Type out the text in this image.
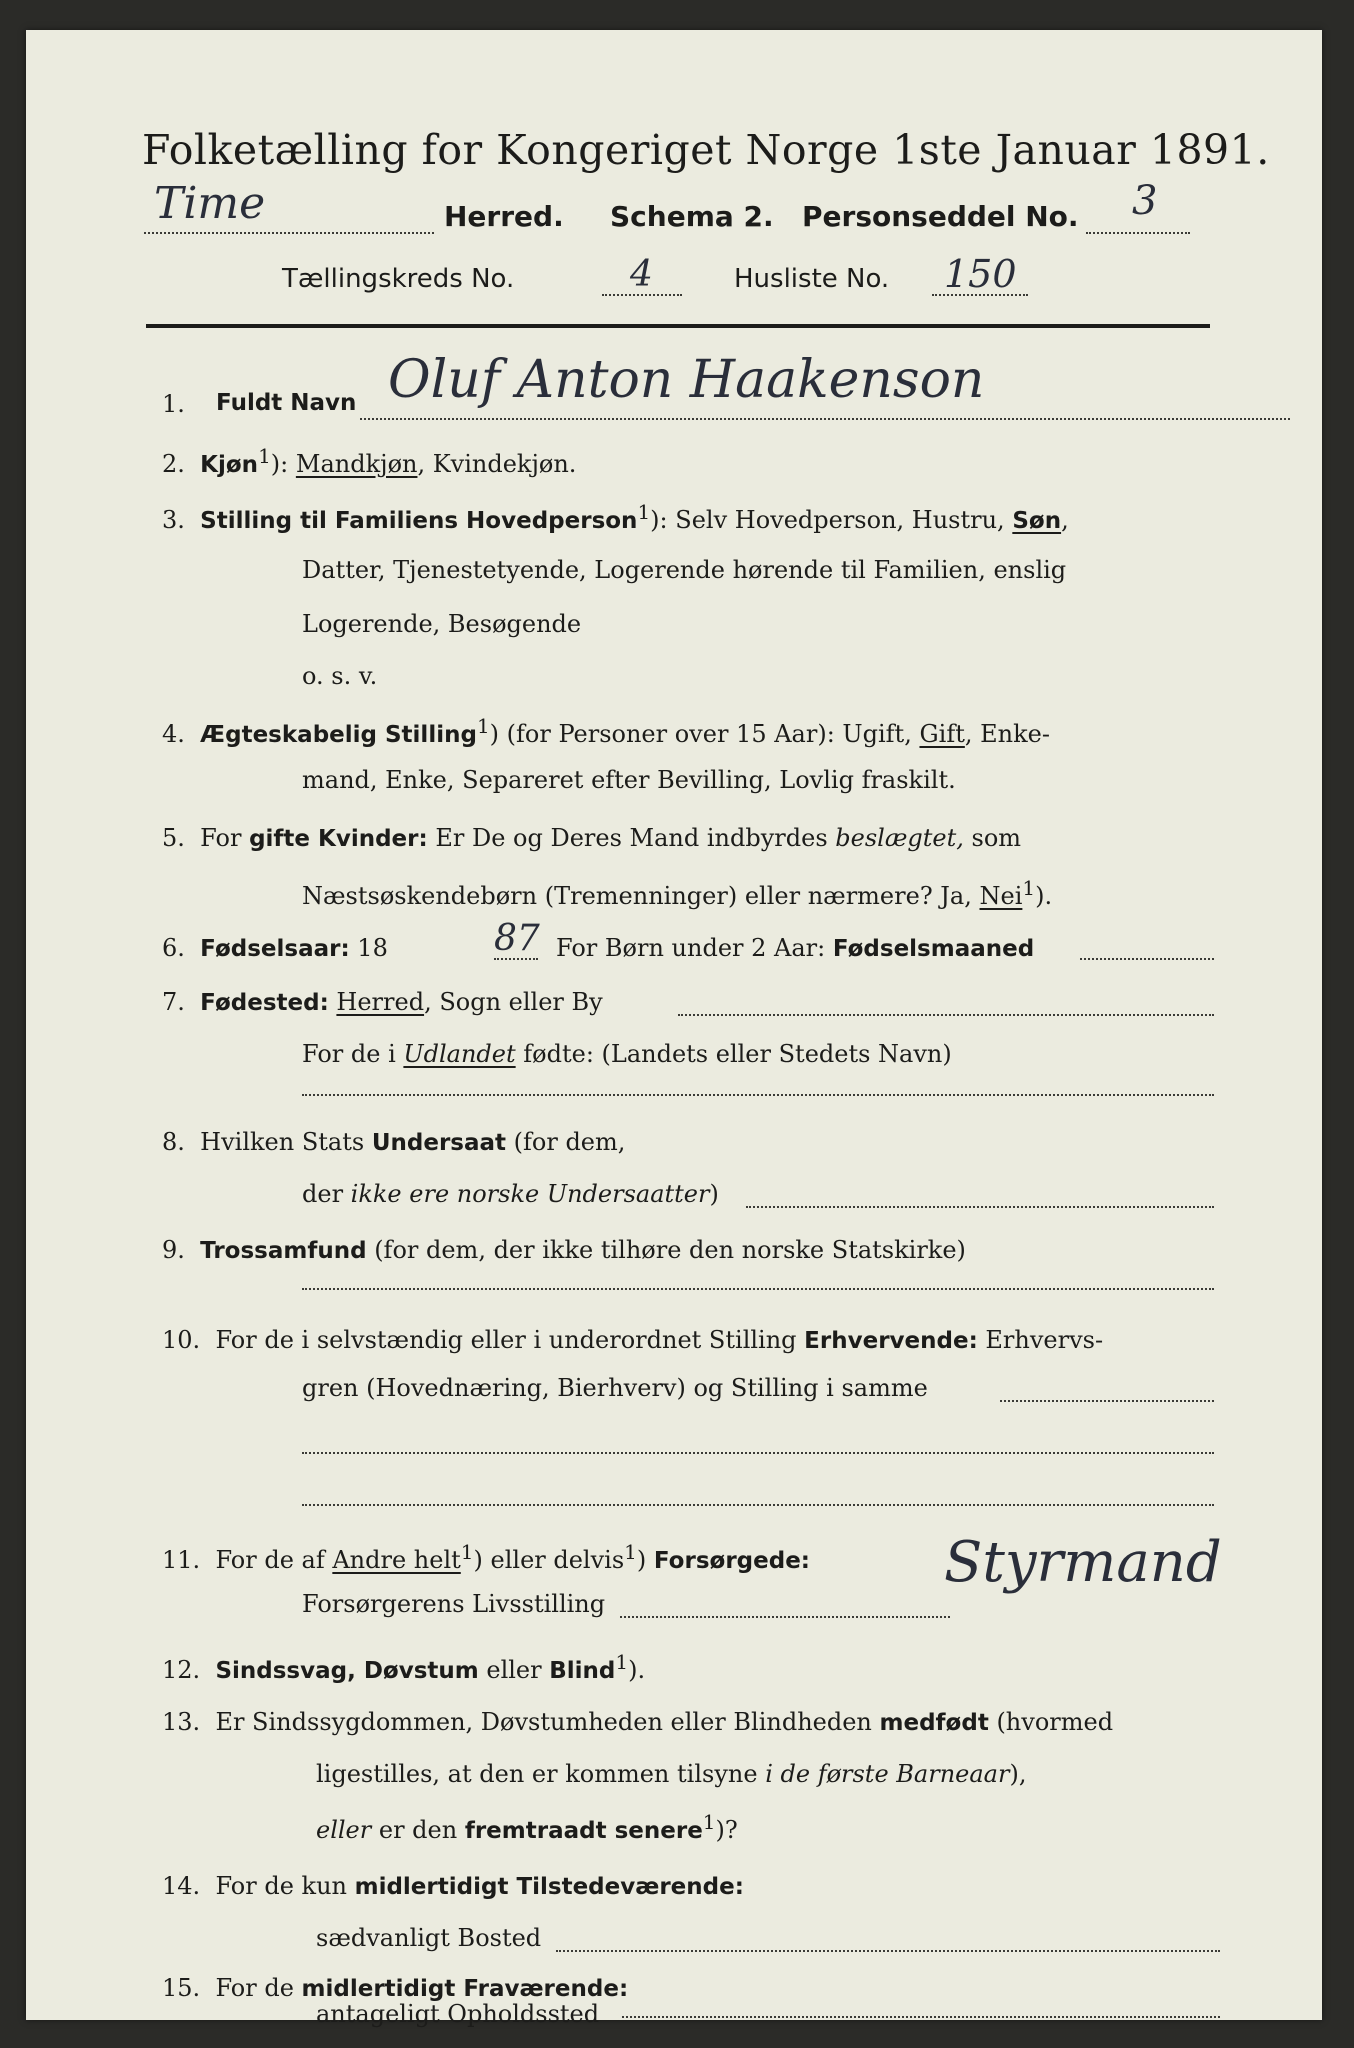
Folketælling for Kongeriget Norge 1ste Januar 1891.
Time	Herred. Schema 2. Personseddel No. 3
Tællingskreds No.	4	Husliste No. 150
1. Fuldt Navn Oluf Anton Haakenson
2. Kjøn$^1$): Mandkjøn, Kvindekjøn.
3. Stilling til Familiens Hovedperson$^1$): Selv Hovedperson, Hustru, Søn,
Datter, Tjenestetyende, Logerende hørende til Familien, enslig
Logerende, Besøgende
o. s. v.
4. Ægteskabelig Stilling$^1$) (for Personer over 15 Aar): Ugift, Gift, Enke-
mand, Enke, Separeret efter Bevilling, Lovlig fraskilt.
5. For gifte Kvinder: Er De og Deres Mand indbyrdes beslægtet, som
Næstsøskendebørn (Tremenninger) eller nærmere? Ja, Nei$^1$).
6. Fødselsaar: 18	87 For Børn under 2 Aar: Fødselsmaaned
7. Fødested: Herred, Sogn eller By
For de i Udlandet fødte: (Landets eller Stedets Navn)
8. Hvilken Stats Undersaat (for dem,
der ikke ere norske Undersaatter)
9. Trossamfund (for dem, der ikke tilhøre den norske Statskirke)
10. For de i selvstændig eller i underordnet Stilling Erhvervende: Erhvervs-
gren (Hovednæring, Bierhverv) og Stilling i samme
11. For de af Andre helt$^1$) eller delvis$^1$) Forsørgede:
Forsørgerens Livsstilling
Styrmand
12. Sindssvag, Døvstum eller Blind$^1$).
13. Er Sindssygdommen, Døvstumheden eller Blindheden medfødt (hvormed
ligestilles, at den er kommen tilsyne i de første Barneaar),
eller er den fremtraadt senere$^1$)?
14. For de kun midlertidigt Tilstedeværende:
sædvanligt Bosted
15. For de midlertidigt Fraværende:
antageligt Opholdssted
